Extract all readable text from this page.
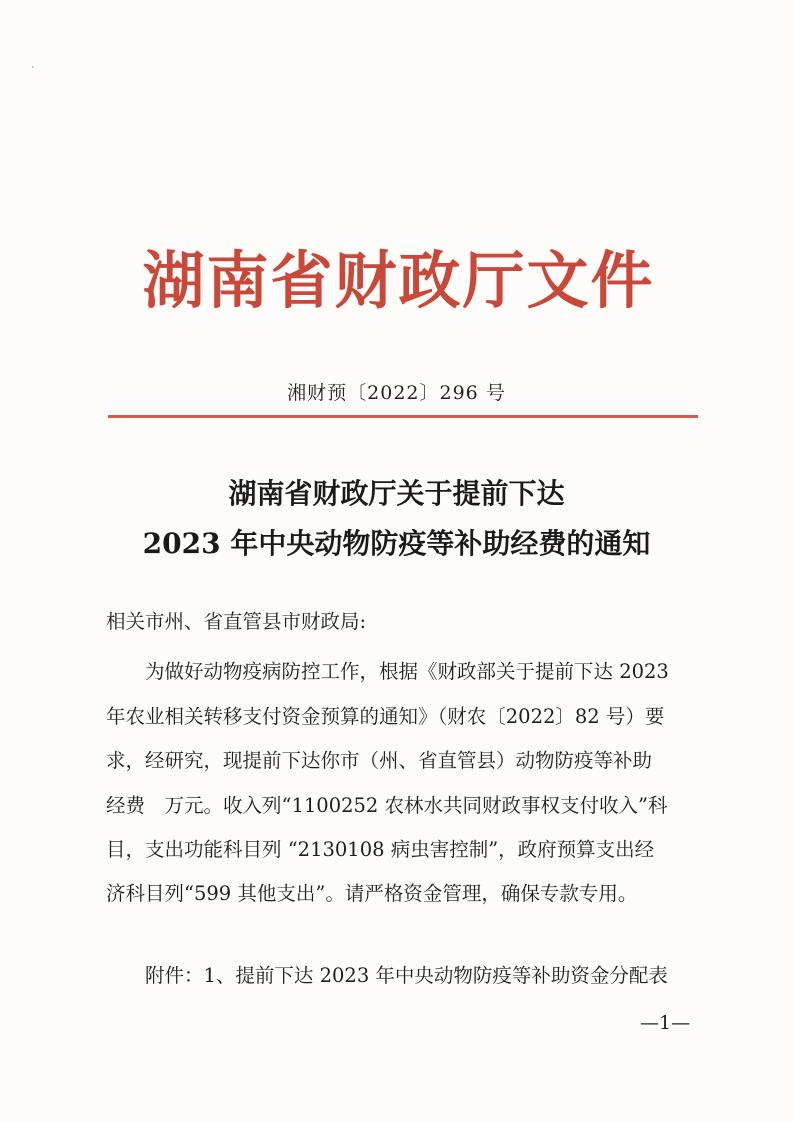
湖南省财政厅文件
湘财预〔2022〕296 号
湖南省财政厅关于提前下达
2023 年中央动物防疫等补助经费的通知
相关市州、省直管县市财政局:
为做好动物疫病防控工作，根据《财政部关于提前下达 2023
年农业相关转移支付资金预算的通知》（财农〔2022〕82 号）要
求，经研究，现提前下达你市（州、省直管县）动物防疫等补助
经费　万元。收入列“1100252 农林水共同财政事权支付收入”科
目，支出功能科目列 “2130108 病虫害控制”，政府预算支出经
济科目列“599 其他支出”。请严格资金管理，确保专款专用。
附件：1、提前下达 2023 年中央动物防疫等补助资金分配表
—1—
